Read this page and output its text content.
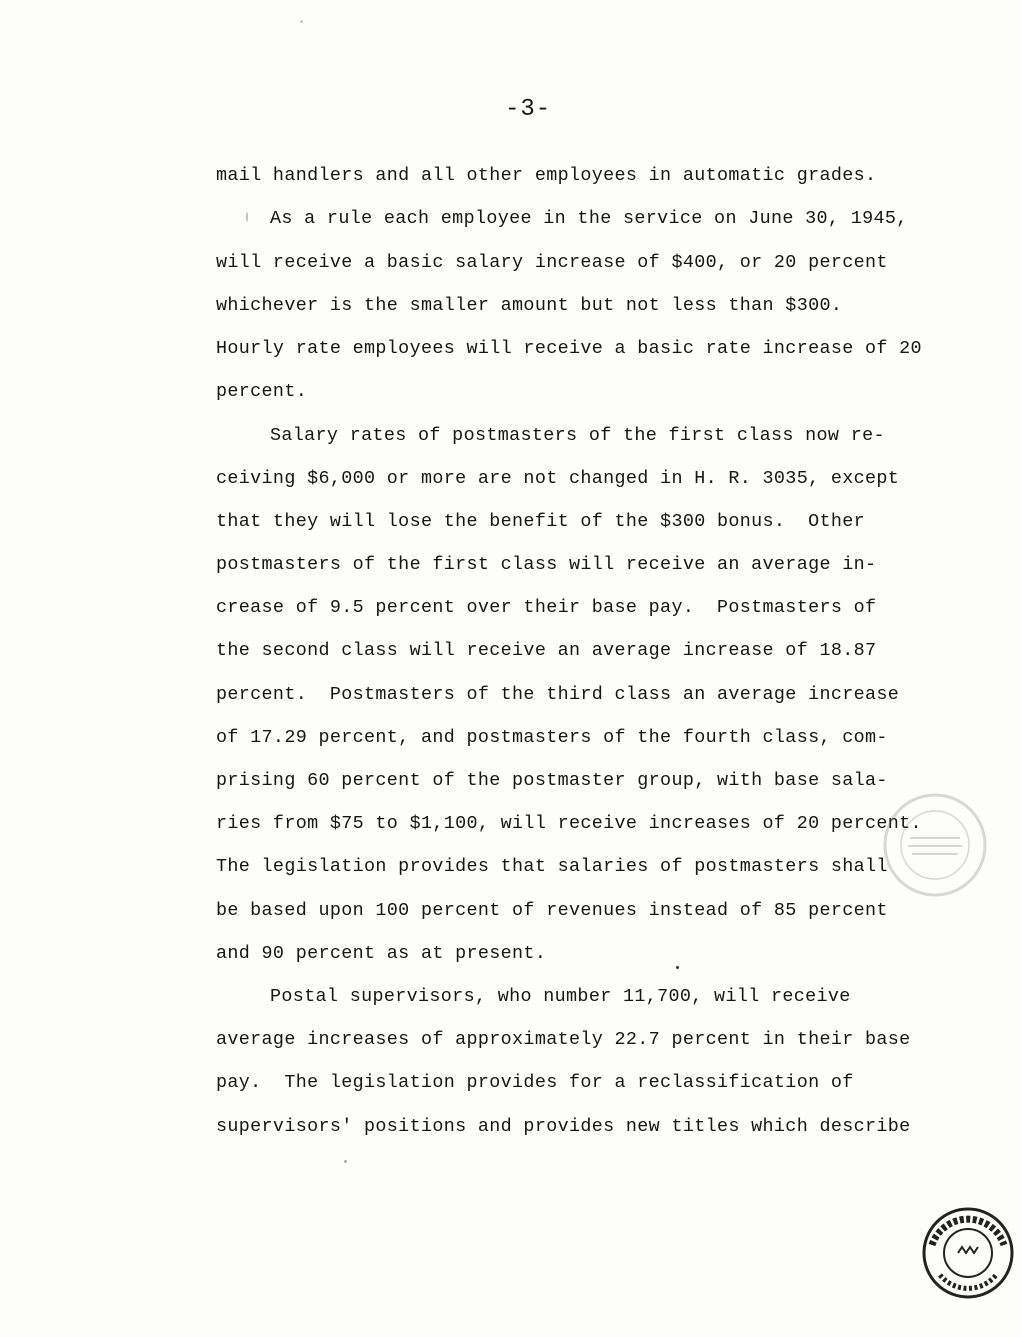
-3-
mail handlers and all other employees in automatic grades.
As a rule each employee in the service on June 30, 1945,
will receive a basic salary increase of $400, or 20 percent
whichever is the smaller amount but not less than $300.
Hourly rate employees will receive a basic rate increase of 20
percent.
Salary rates of postmasters of the first class now re-
ceiving $6,000 or more are not changed in H. R. 3035, except
that they will lose the benefit of the $300 bonus.  Other
postmasters of the first class will receive an average in-
crease of 9.5 percent over their base pay.  Postmasters of
the second class will receive an average increase of 18.87
percent.  Postmasters of the third class an average increase
of 17.29 percent, and postmasters of the fourth class, com-
prising 60 percent of the postmaster group, with base sala-
ries from $75 to $1,100, will receive increases of 20 percent.
The legislation provides that salaries of postmasters shall
be based upon 100 percent of revenues instead of 85 percent
and 90 percent as at present.
Postal supervisors, who number 11,700, will receive
average increases of approximately 22.7 percent in their base
pay.  The legislation provides for a reclassification of
supervisors' positions and provides new titles which describe
